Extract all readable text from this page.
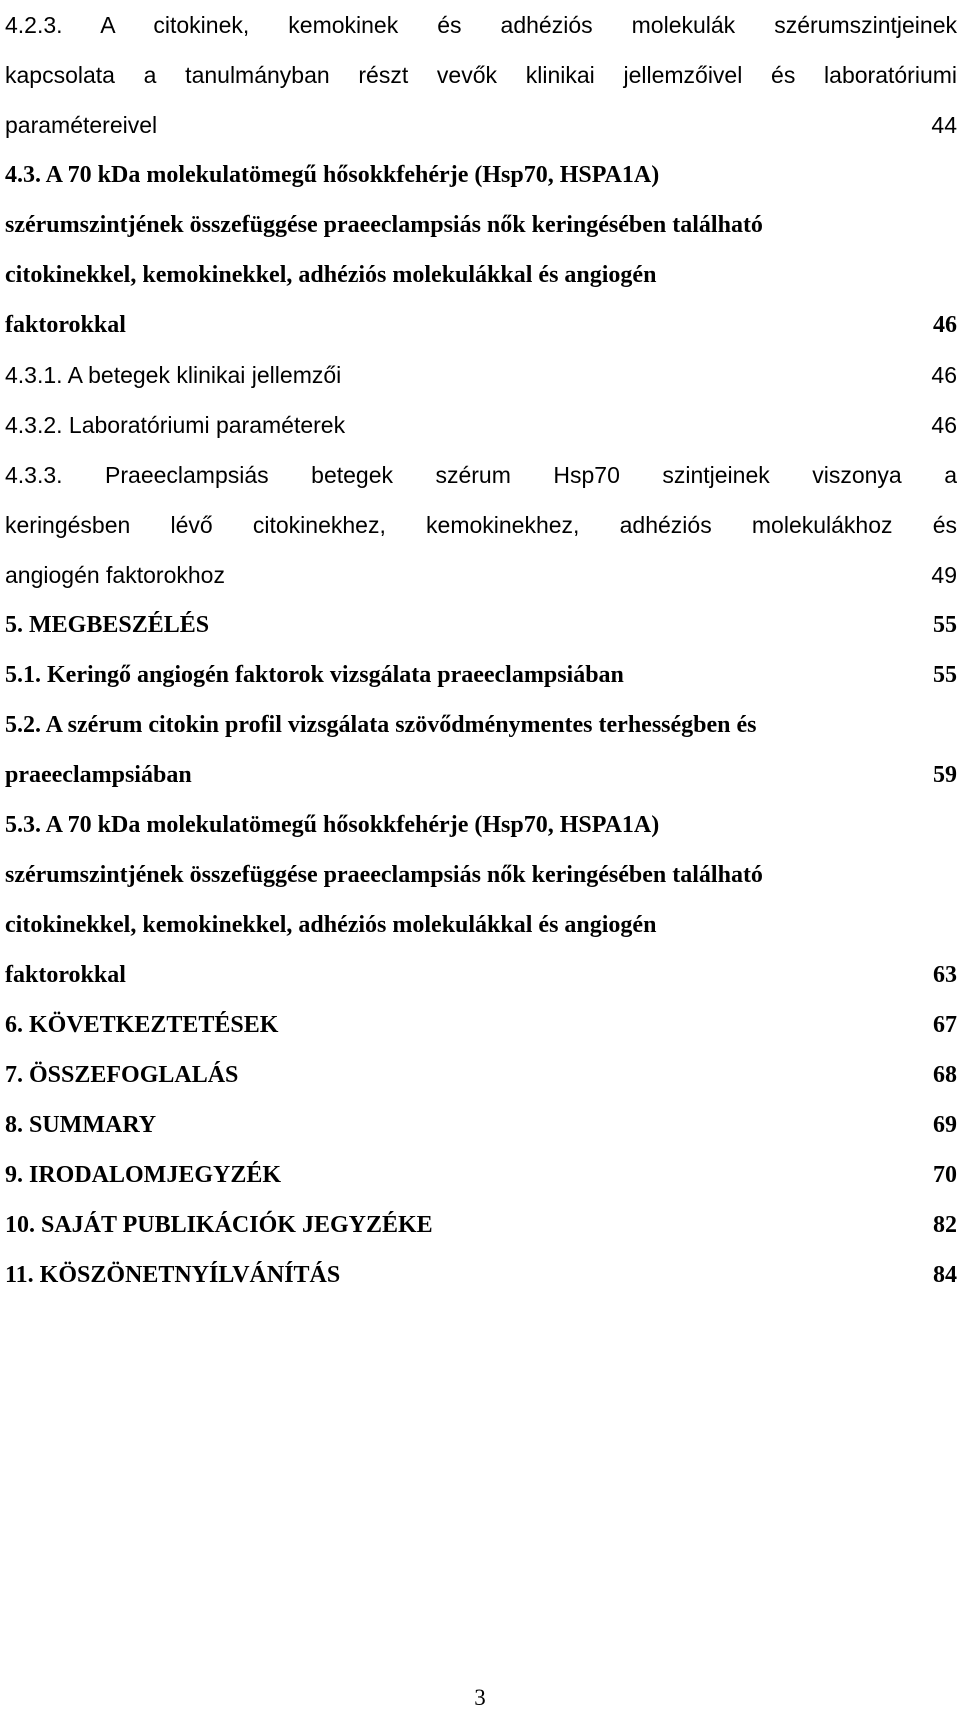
4.2.3. A citokinek, kemokinek és adhéziós molekulák szérumszintjeinek
kapcsolata a tanulmányban részt vevők klinikai jellemzőivel és laboratóriumi
paramétereivel	44
4.3. A 70 kDa molekulatömegű hősokkfehérje (Hsp70, HSPA1A)
szérumszintjének összefüggése praeeclampsiás nők keringésében található
citokinekkel, kemokinekkel, adhéziós molekulákkal és angiogén
faktorokkal	46
4.3.1. A betegek klinikai jellemzői	46
4.3.2. Laboratóriumi paraméterek	46
4.3.3. Praeeclampsiás betegek szérum Hsp70 szintjeinek viszonya a
keringésben lévő citokinekhez, kemokinekhez, adhéziós molekulákhoz és
angiogén faktorokhoz	49
5. MEGBESZÉLÉS	55
5.1. Keringő angiogén faktorok vizsgálata praeeclampsiában	55
5.2. A szérum citokin profil vizsgálata szövődménymentes terhességben és
praeeclampsiában	59
5.3. A 70 kDa molekulatömegű hősokkfehérje (Hsp70, HSPA1A)
szérumszintjének összefüggése praeeclampsiás nők keringésében található
citokinekkel, kemokinekkel, adhéziós molekulákkal és angiogén
faktorokkal	63
6. KÖVETKEZTETÉSEK	67
7. ÖSSZEFOGLALÁS	68
8. SUMMARY	69
9. IRODALOMJEGYZÉK	70
10. SAJÁT PUBLIKÁCIÓK JEGYZÉKE	82
11. KÖSZÖNETNYÍLVÁNÍTÁS	84
3
